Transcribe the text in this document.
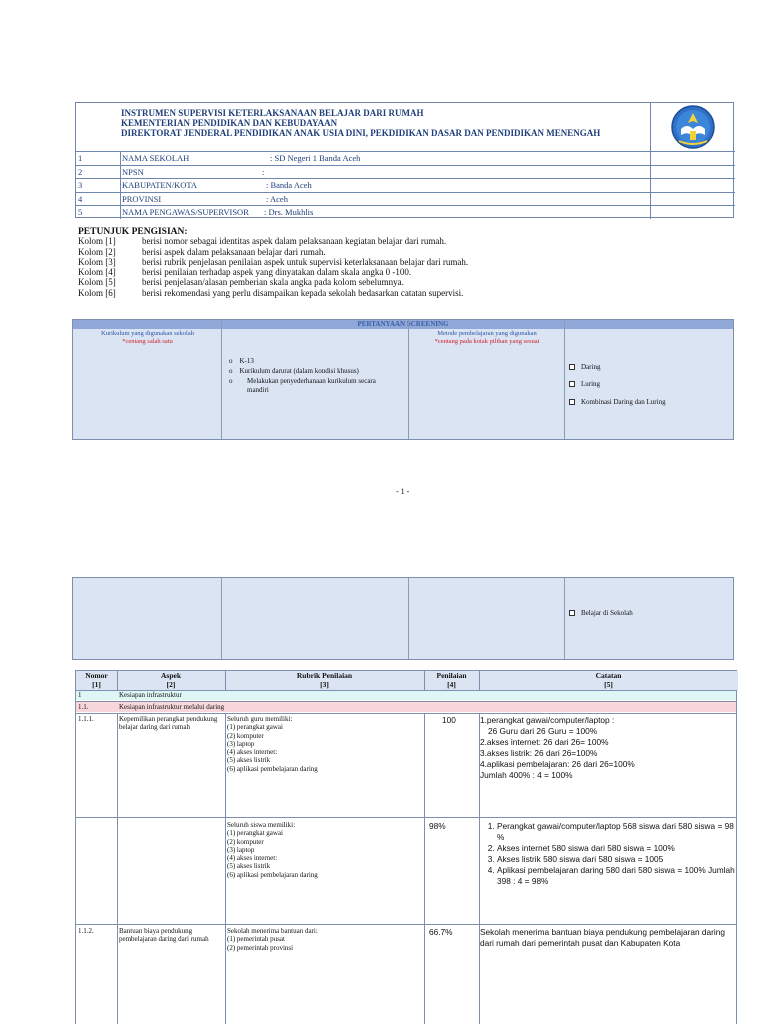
INSTRUMEN SUPERVISI KETERLAKSANAAN BELAJAR DARI RUMAH
KEMENTERIAN PENDIDIKAN DAN KEBUDAYAAN
DIREKTORAT JENDERAL PENDIDIKAN ANAK USIA DINI, PEKDIDIKAN DASAR DAN PENDIDIKAN MENENGAH
1	NAMA SEKOLAH	: SD Negeri 1 Banda Aceh
2	NPSN	:
3	KABUPATEN/KOTA	: Banda Aceh
4	PROVINSI	: Aceh
5	NAMA PENGAWAS/SUPERVISOR : Drs. Mukhlis
PETUNJUK PENGISIAN:
Kolom [1]	berisi nomor sebagai identitas aspek dalam pelaksanaan kegiatan belajar dari rumah.
Kolom [2]	berisi aspek dalam pelaksanaan belajar dari rumah.
Kolom [3]	berisi rubrik penjelasan penilaian aspek untuk supervisi keterlaksanaan belajar dari rumah.
Kolom [4]	berisi penilaian terhadap aspek yang dinyatakan dalam skala angka 0 -100.
Kolom [5]	berisi penjelasan/alasan pemberian skala angka pada kolom sebelumnya.
Kolom [6]	berisi rekomendasi yang perlu disampaikan kepada sekolah bedasarkan catatan supervisi.
PERTANYAAN SCREENING
Kurikulum yang digunakan sekolah
*centang salah satu
Metode pembelajaran yang digunakan
*centang pada kotak pilihan yang sesuai
o K-13
o Kurikulum darurat (dalam kondisi khusus)
o	Melakukan penyederhanaan kurikulum secara mandiri
Daring
Luring
Kombinasi Daring dan Luring
- 1 -
Belajar di Sekolah
Nomor
[1]
Aspek
[2]
Rubrik Penilaian
[3]
Penilaian
[4]
Catatan
[5]
1	Kesiapan infrastruktur
1.1.	Kesiapan infrastruktur melalui daring
1.1.1.	Kepemilikan perangkat pendukung belajar daring dari rumah
Seluruh guru memiliki:
(1) perangkat gawai
(2) komputer
(3) laptop
(4) akses internet:
(5) akses listrik
(6) aplikasi pembelajaran daring
100	1.perangkat gawai/computer/laptop :
26 Guru dari 26 Guru = 100%
2.akses internet: 26 dari 26= 100%
3.akses listrik: 26 dari 26=100%
4.aplikasi pembelajaran: 26 dari 26=100%
Jumlah 400% : 4 = 100%
Seluruh siswa memiliki:
(1) perangkat gawai
(2) komputer
(3) laptop
(4) akses internet:
(5) akses listrik
(6) aplikasi pembelajaran daring
98%
1.	Perangkat gawai/computer/laptop 568 siswa dari 580 siswa = 98 %
2. Akses internet 580 siswa dari 580 siswa = 100%
3. Akses listrik 580 siswa dari 580 siswa = 1005
4. Aplikasi pembelajaran daring 580 dari 580 siswa = 100% Jumlah 398 : 4 = 98%
1.1.2.	Bantuan biaya pendukung pembelajaran daring dari rumah
Sekolah menerima bantuan dari:
(1) pemerintah pusat
(2) pemerintah provinsi
66.7%	Sekolah menerima bantuan biaya pendukung pembelajaran daring dari rumah dari pemerintah pusat dan Kabupaten Kota
